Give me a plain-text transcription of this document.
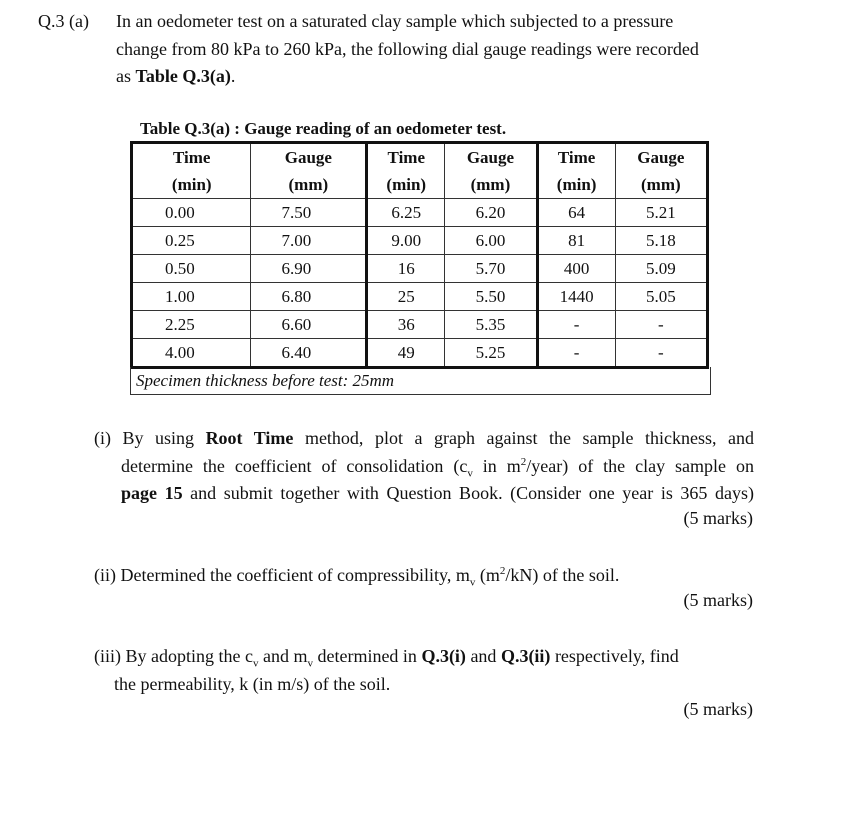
Q.3 (a) In an oedometer test on a saturated clay sample which subjected to a pressure

change from 80 kPa to 260 kPa, the following dial gauge readings were recorded

as Table Q.3(a).

Table Q.3(a) : Gauge reading of an oedometer test.
Time	Gauge	Time	Gauge	Time	Gauge
(min)	(mm)	(min)	(mm)	(min)	(mm)
0.00	7.50	6.25	6.20	64	5.21
0.25	7.00	9.00	6.00	81	5.18
0.50	6.90	16	5.70	400	5.09
1.00	6.80	25	5.50	1440	5.05
2.25	6.60	36	5.35	-	-
4.00	6.40	49	5.25	-	-
Specimen thickness before test: 25mm

(i) By using Root Time method, plot a graph against the sample thickness, and

determine the coefficient of consolidation ($c_v$ in $m^2/year$) of the clay sample on

page 15 and submit together with Question Book. (Consider one year is 365 days)

(5 marks)

(ii) Determined the coefficient of compressibility, $m_v$ $(m^2/kN)$ of the soil.

(5 marks)

(iii) By adopting the $c_v$ and $m_v$ determined in Q.3(i) and Q.3(ii) respectively, find

the permeability, k (in m/s) of the soil.

(5 marks)
